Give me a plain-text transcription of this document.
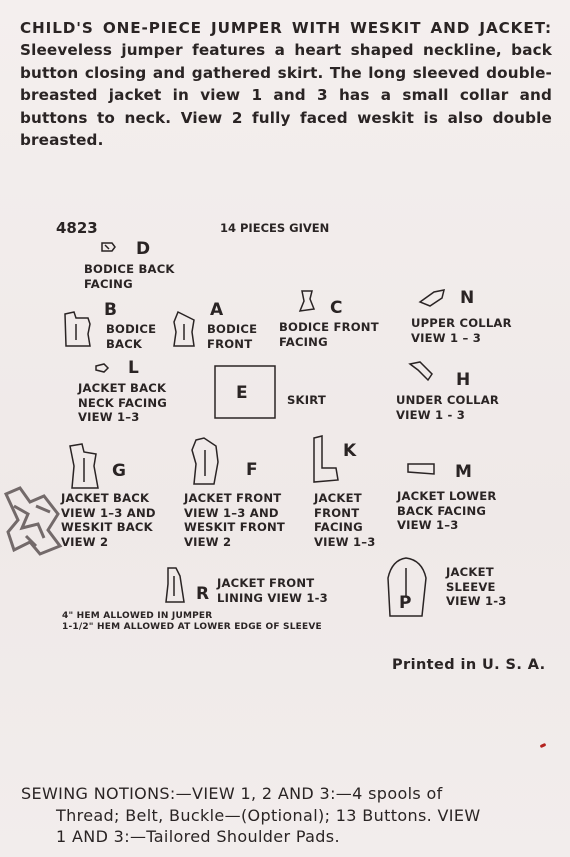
CHILD'S ONE-PIECE JUMPER WITH WESKIT AND JACKET: Sleeveless jumper features a heart shaped neckline, back button closing and gathered skirt. The long sleeved double-breasted jacket in view 1 and 3 has a small collar and buttons to neck. View 2 fully faced weskit is also double breasted.
4823	14 PIECES GIVEN
D
BODICE BACK
FACING
B
BODICE
BACK
A
BODICE
FRONT
C
BODICE FRONT
FACING
N
UPPER COLLAR
VIEW 1 – 3
L
JACKET BACK
NECK FACING
VIEW 1–3
E	SKIRT
H
UNDER COLLAR
VIEW 1 - 3
G
JACKET BACK
VIEW 1–3 AND
WESKIT BACK
VIEW 2
F
JACKET FRONT
VIEW 1–3 AND
WESKIT FRONT
VIEW 2
K
JACKET
FRONT
FACING
VIEW 1–3
M
JACKET LOWER
BACK FACING
VIEW 1–3
R
JACKET FRONT
LINING VIEW 1-3	P
JACKET
SLEEVE
VIEW 1-3
4" HEM ALLOWED IN JUMPER
1-1/2" HEM ALLOWED AT LOWER EDGE OF SLEEVE
Printed in U. S. A.
SEWING NOTIONS:—VIEW 1, 2 AND 3:—4 spools of
Thread; Belt, Buckle—(Optional); 13 Buttons. VIEW
1 AND 3:—Tailored Shoulder Pads.
